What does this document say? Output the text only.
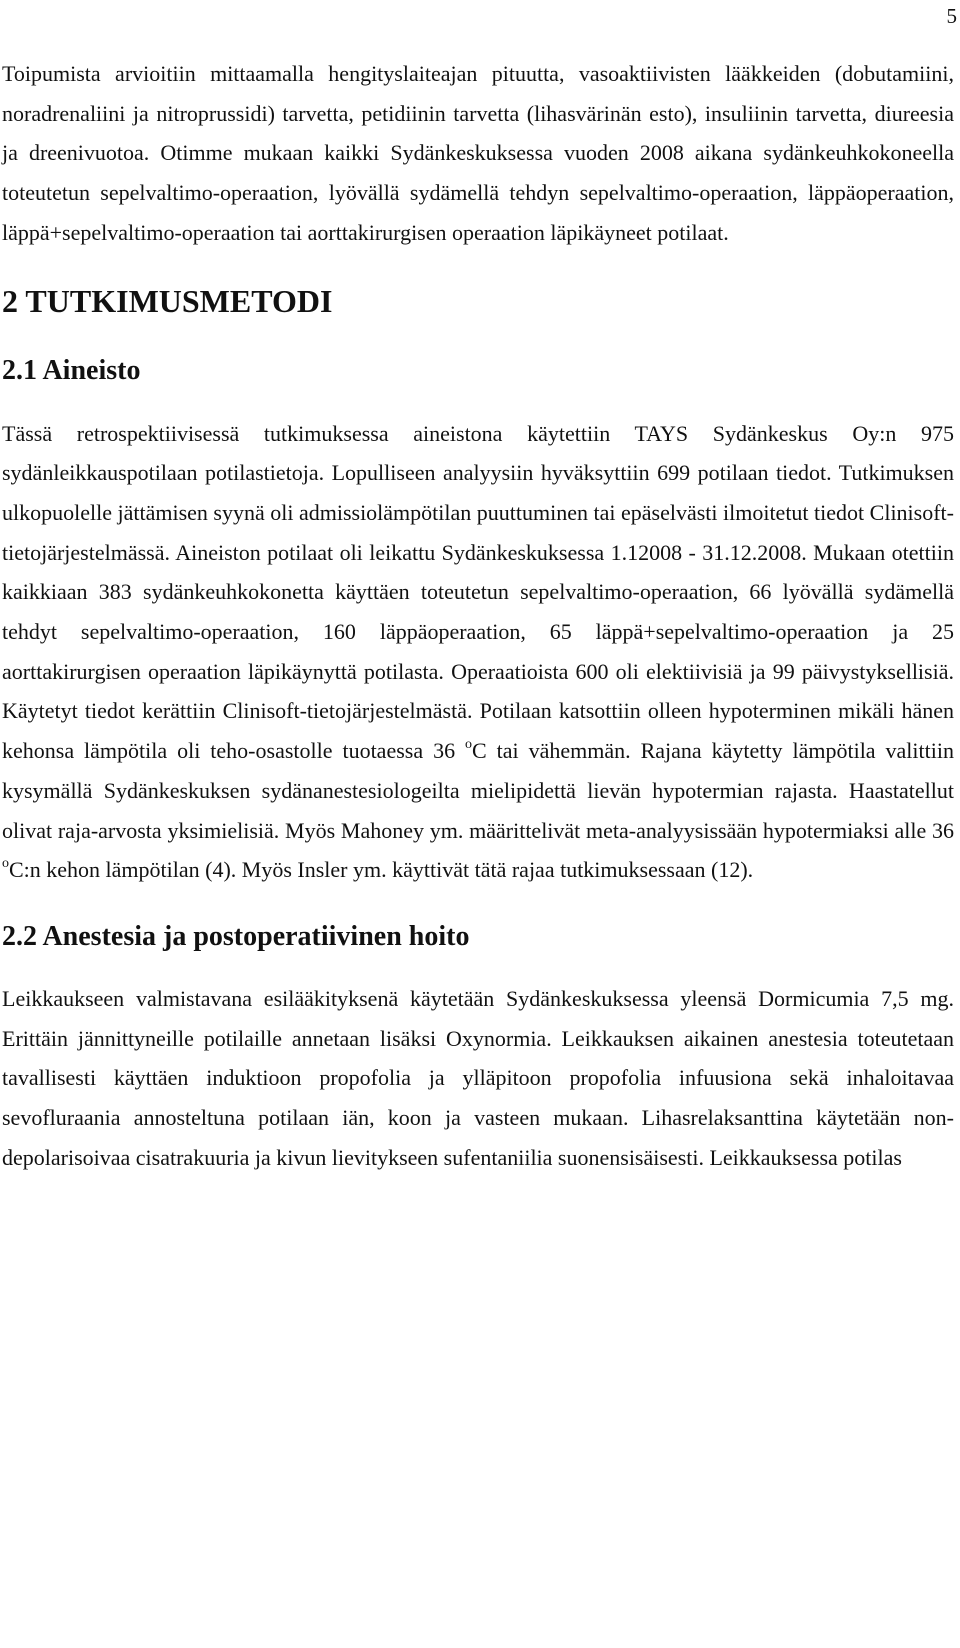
5

Toipumista arvioitiin mittaamalla hengityslaiteajan pituutta, vasoaktiivisten lääkkeiden (dobutamiini, noradrenaliini ja nitroprussidi) tarvetta, petidiinin tarvetta (lihasvärinän esto), insuliinin tarvetta, diureesia ja dreenivuotoa. Otimme mukaan kaikki Sydänkeskuksessa vuoden 2008 aikana sydänkeuhkokoneella toteutetun sepelvaltimo-operaation, lyövällä sydämellä tehdyn sepelvaltimo-operaation, läppäoperaation, läppä+sepelvaltimo-operaation tai aorttakirurgisen operaation läpikäyneet potilaat.

2 TUTKIMUSMETODI
2.1 Aineisto

Tässä retrospektiivisessä tutkimuksessa aineistona käytettiin TAYS Sydänkeskus Oy:n 975 sydänleikkauspotilaan potilastietoja. Lopulliseen analyysiin hyväksyttiin 699 potilaan tiedot. Tutkimuksen ulkopuolelle jättämisen syynä oli admissiolämpötilan puuttuminen tai epäselvästi ilmoitetut tiedot Clinisoft-tietojärjestelmässä. Aineiston potilaat oli leikattu Sydänkeskuksessa 1.12008 - 31.12.2008. Mukaan otettiin kaikkiaan 383 sydänkeuhkokonetta käyttäen toteutetun sepelvaltimo-operaation, 66 lyövällä sydämellä tehdyt sepelvaltimo-operaation, 160 läppäoperaation, 65 läppä+sepelvaltimo-operaation ja 25 aorttakirurgisen operaation läpikäynyttä potilasta. Operaatioista 600 oli elektiivisiä ja 99 päivystyksellisiä. Käytetyt tiedot kerättiin Clinisoft-tietojärjestelmästä. Potilaan katsottiin olleen hypoterminen mikäli hänen kehonsa lämpötila oli teho-osastolle tuotaessa 36 $^o$C tai vähemmän. Rajana käytetty lämpötila valittiin kysymällä Sydänkeskuksen sydänanestesiologeilta mielipidettä lievän hypotermian rajasta. Haastatellut olivat raja-arvosta yksimielisiä. Myös Mahoney ym. määrittelivät meta-analyysissään hypotermiaksi alle 36 $^o$C:n kehon lämpötilan (4). Myös Insler ym. käyttivät tätä rajaa tutkimuksessaan (12).

2.2 Anestesia ja postoperatiivinen hoito

Leikkaukseen valmistavana esilääkityksenä käytetään Sydänkeskuksessa yleensä Dormicumia 7,5 mg. Erittäin jännittyneille potilaille annetaan lisäksi Oxynormia. Leikkauksen aikainen anestesia toteutetaan tavallisesti käyttäen induktioon propofolia ja ylläpitoon propofolia infuusiona sekä inhaloitavaa sevofluraania annosteltuna potilaan iän, koon ja vasteen mukaan. Lihasrelaksanttina käytetään non-depolarisoivaa cisatrakuuria ja kivun lievitykseen sufentaniilia suonensisäisesti. Leikkauksessa potilas
